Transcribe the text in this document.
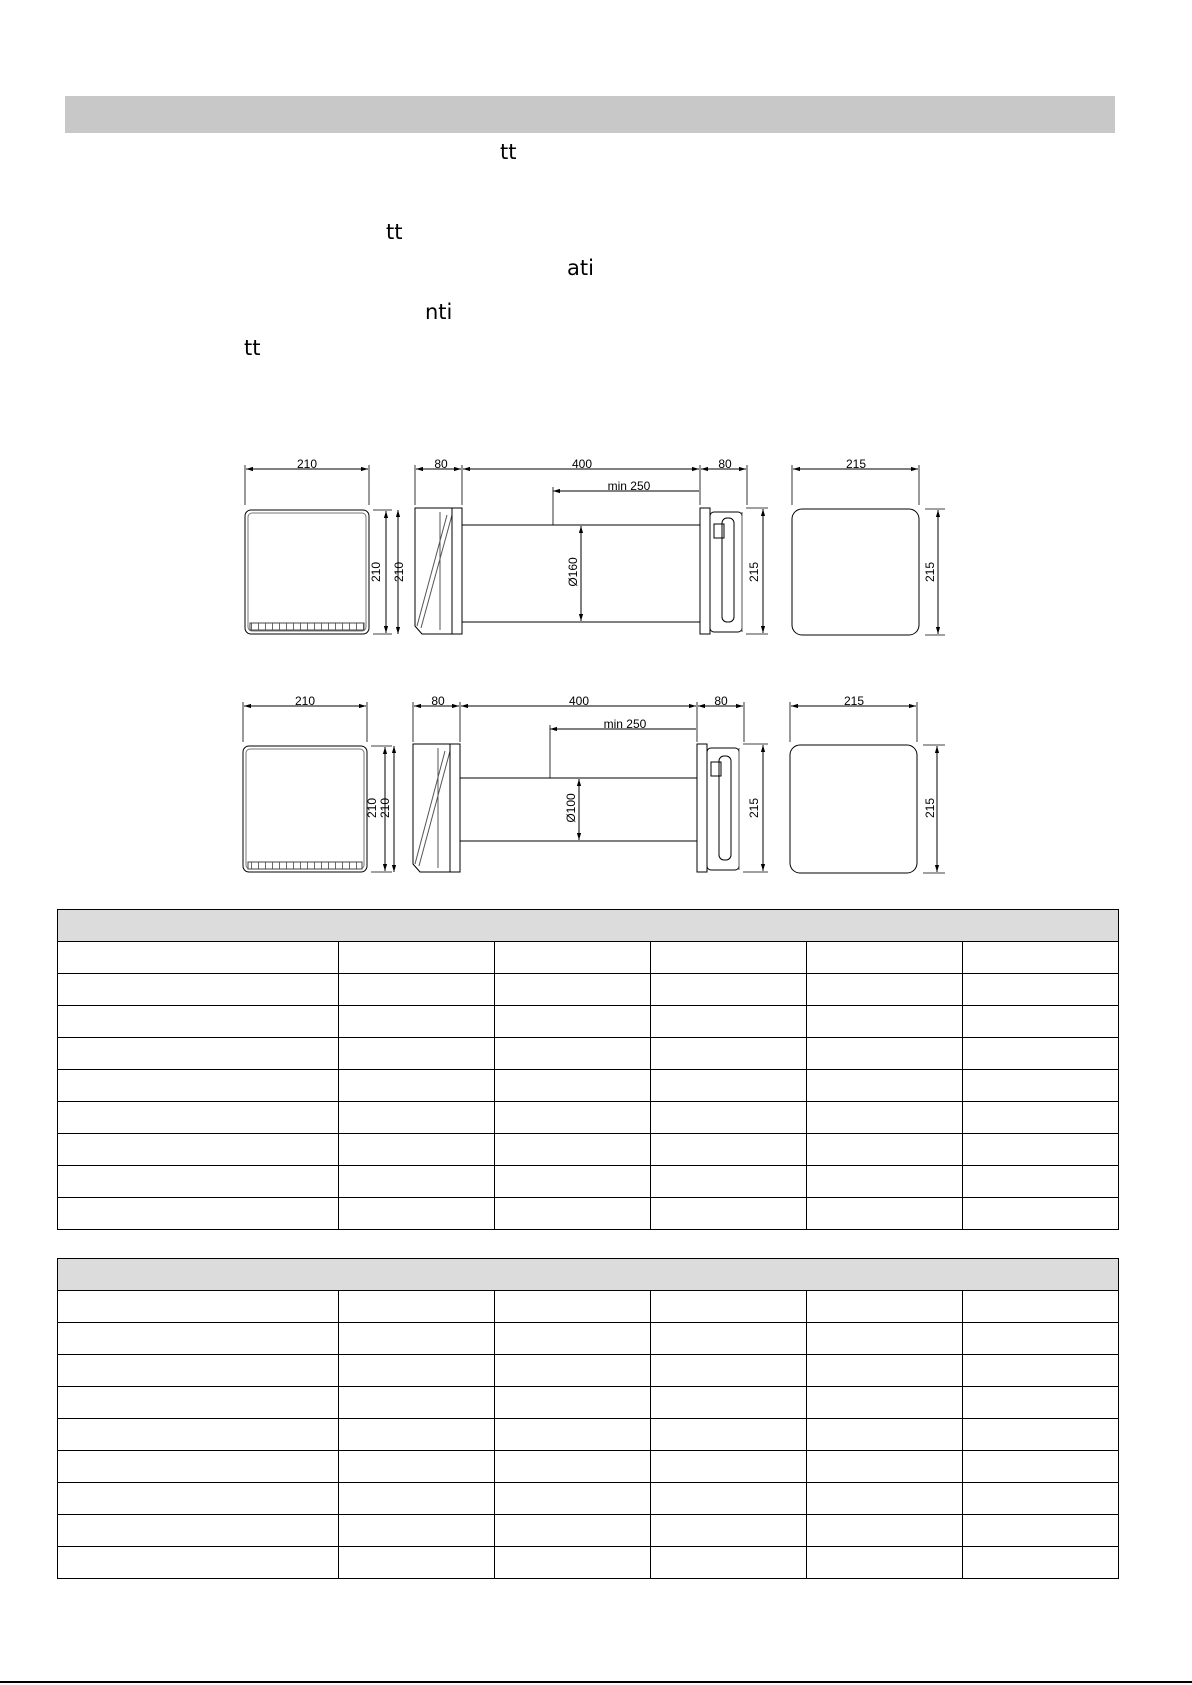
tt
tt
ati
nti
tt
210
210 210
80	400
min 250
Ø160
80
215
215
215
210
210 210
80	400
min 250
Ø100
80
215
215
215
